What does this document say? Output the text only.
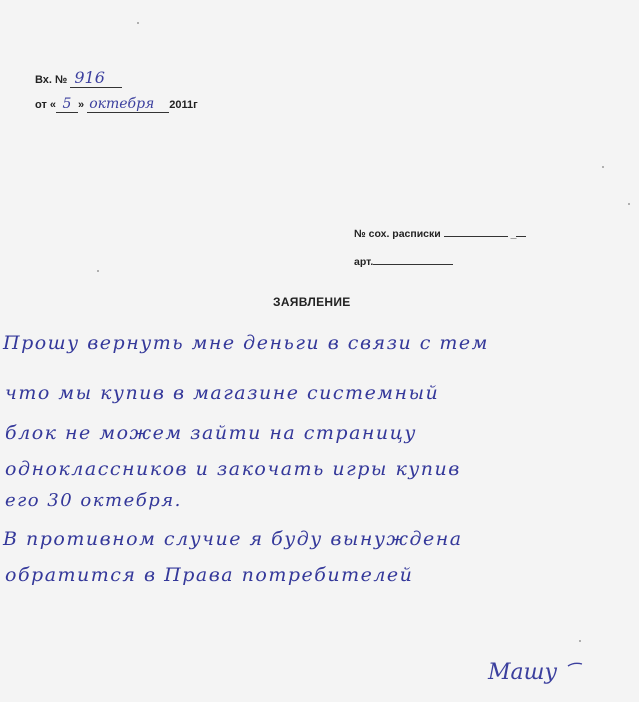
Вх. № 916
от « 5 » октебря 2011г
№ сох. расписки	_
арт.
ЗАЯВЛЕНИЕ
Прошу вернуть мне деньги в связи с тем
что мы купив в магазине системный
блок не можем зайти на страницу
одноклассников и закочать игры купив
его 30 октебря.
В противном случие я буду вынуждена
обратится в Права потребителей
Машу
